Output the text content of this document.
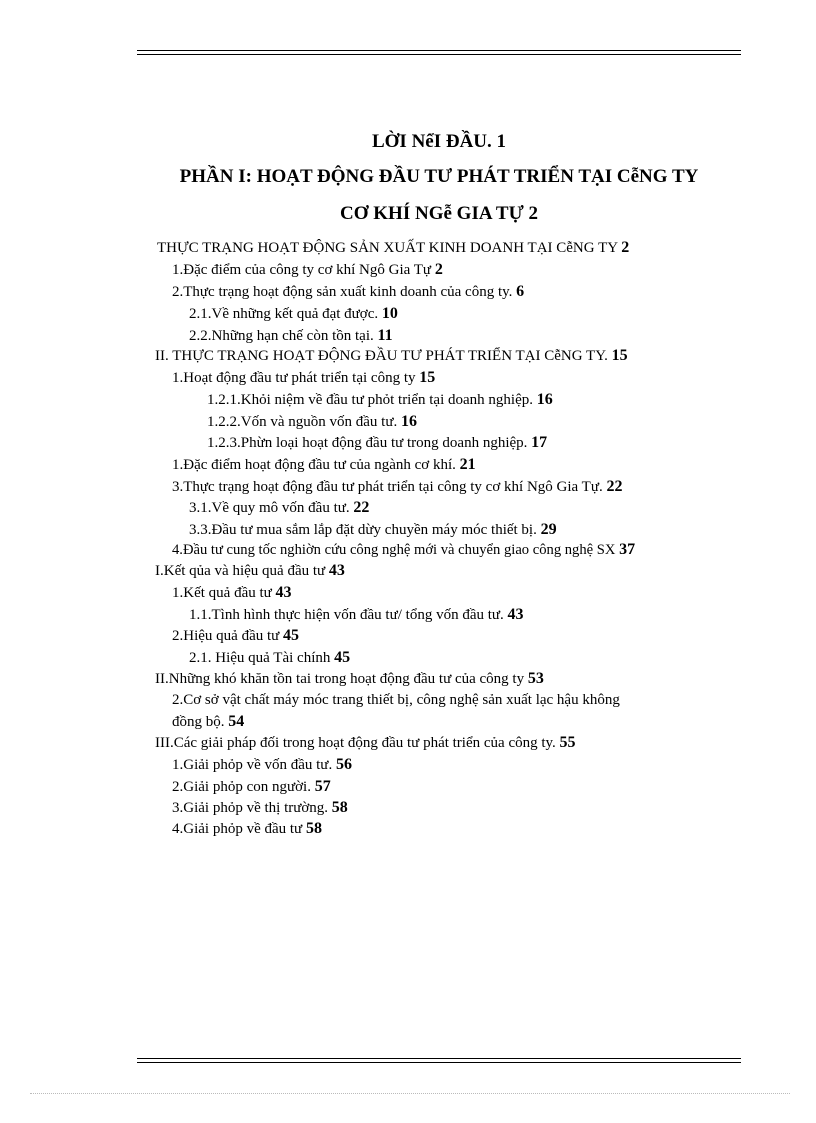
LỜI NểI ĐẦU. 1
PHẦN I: HOẠT ĐỘNG ĐẦU TƯ PHÁT TRIỂN TẠI CễNG TY
CƠ KHÍ NGễ GIA TỰ 2
THỰC TRẠNG HOẠT ĐỘNG SẢN XUẤT KINH DOANH TẠI CễNG TY 2
1.Đặc điểm của công ty cơ khí Ngô Gia Tự 2
2.Thực trạng hoạt động sản xuất kinh doanh của công ty. 6
2.1.Về những kết quả đạt được. 10
2.2.Những hạn chế còn tồn tại. 11
II. THỰC TRẠNG HOẠT ĐỘNG ĐẦU TƯ PHÁT TRIỂN TẠI CễNG TY. 15
1.Hoạt động đầu tư phát triển tại công ty 15
1.2.1.Khỏi niệm về đầu tư phỏt triển tại doanh nghiệp. 16
1.2.2.Vốn và nguồn vốn đầu tư. 16
1.2.3.Phừn loại hoạt động đầu tư trong doanh nghiệp. 17
1.Đặc điểm hoạt động đầu tư của ngành cơ khí. 21
3.Thực trạng hoạt động đầu tư phát triển tại công ty cơ khí Ngô Gia Tự. 22
3.1.Về quy mô vốn đầu tư. 22
3.3.Đầu tư mua sắm lắp đặt dừy chuyền máy móc thiết bị. 29
4.Đầu tư cung tốc nghiờn cứu công nghệ mới và chuyển giao công nghệ SX 37
I.Kết qủa và hiệu quả đầu tư 43
1.Kết quả đầu tư 43
1.1.Tình hình thực hiện vốn đầu tư/ tổng vốn đầu tư. 43
2.Hiệu quả đầu tư 45
2.1. Hiệu quả Tài chính 45
II.Những khó khăn tồn tai trong hoạt động đầu tư của công ty 53
2.Cơ sở vật chất máy móc trang thiết bị, công nghệ sản xuất lạc hậu không
đồng bộ. 54
III.Các giải pháp đối trong hoạt động đầu tư phát triển của công ty. 55
1.Giải phỏp về vốn đầu tư. 56
2.Giải phỏp con người. 57
3.Giải phỏp về thị trường. 58
4.Giải phỏp về đầu tư 58
